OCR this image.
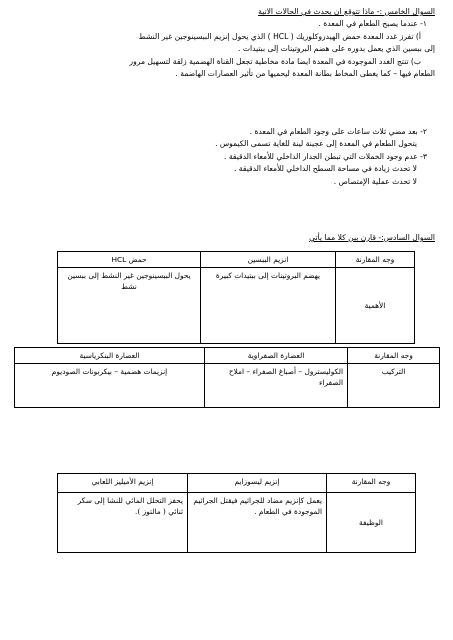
السوال الخامس :- ماذا تتوقع ان يحدث في الحالات الاتية
١- عندما يصبح الطعام في المعدة .
أ) تفرز غدد المعدة حمض الهيدروكلوريك ( HCL ) الذي يحول إنزيم الببسينوجين غير النشط
إلى ببسين الذي يعمل بدوره على هضم البروتينات إلى ببتيدات .
ب) تنتج الغدد الموجودة في المعدة ايضا مادة مخاطية تجعل القناة الهضمية زلقة لتسهيل مرور
الطعام فيها – كما يغطى المخاط بطانة المعدة ليحميها من تأثير العصارات الهاضمة .
٢- بعد مضي ثلاث ساعات على وجود الطعام في المعدة .
يتحول الطعام في المعدة إلى عجينة لينة للغاية تسمى الكيموس .
٣- عدم وجود الخملات التي تبطن الجدار الداخلي للأمعاء الدقيقة .
لا تحدث زيادة في مساحة السطح الداخلي للأمعاء الدقيقة .
لا تحدث عملية الإمتصاص .
السوال السادس:- قارن بين كلا مما يأتي
وجه المقارنة	انزيم الببسين	حمض HCL
الأهمية	يهضم البروتينات إلى ببتيدات كبيرة	يحول الببسينوجين غير النشط إلى ببسين نشط
وجه المقارنة	العصارة الصفراوية	العصارة البنكرياسية
التركيب	الكوليسترول – أصباغ الصفراء – املاح الصفراء	إنزيمات هضمية – بيكربونات الصوديوم
وجه المقارنة	إنزيم ليسوزايم	إنزيم الأميليز اللعابي
الوظيفة	يعمل كإنزيم مضاد للجراثيم فيقتل الجراثيم الموجودة في الطعام .	يحفز التحلل المائي للنشا إلى سكر ثنائي ( مالتوز ).
